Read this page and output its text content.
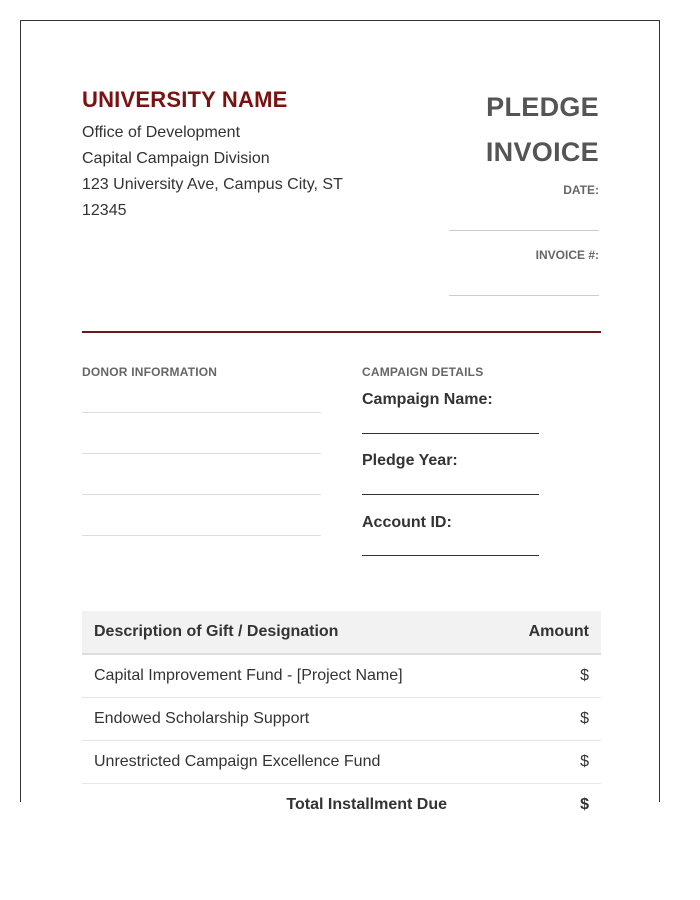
UNIVERSITY NAME
Office of Development
Capital Campaign Division
123 University Ave, Campus City, ST
12345
PLEDGE
INVOICE
DATE:
INVOICE #:
DONOR INFORMATION	CAMPAIGN DETAILS
Campaign Name:
Pledge Year:
Account ID:
Description of Gift / Designation	Amount
Capital Improvement Fund - [Project Name]	$
Endowed Scholarship Support	$
Unrestricted Campaign Excellence Fund	$
Total Installment Due	$
